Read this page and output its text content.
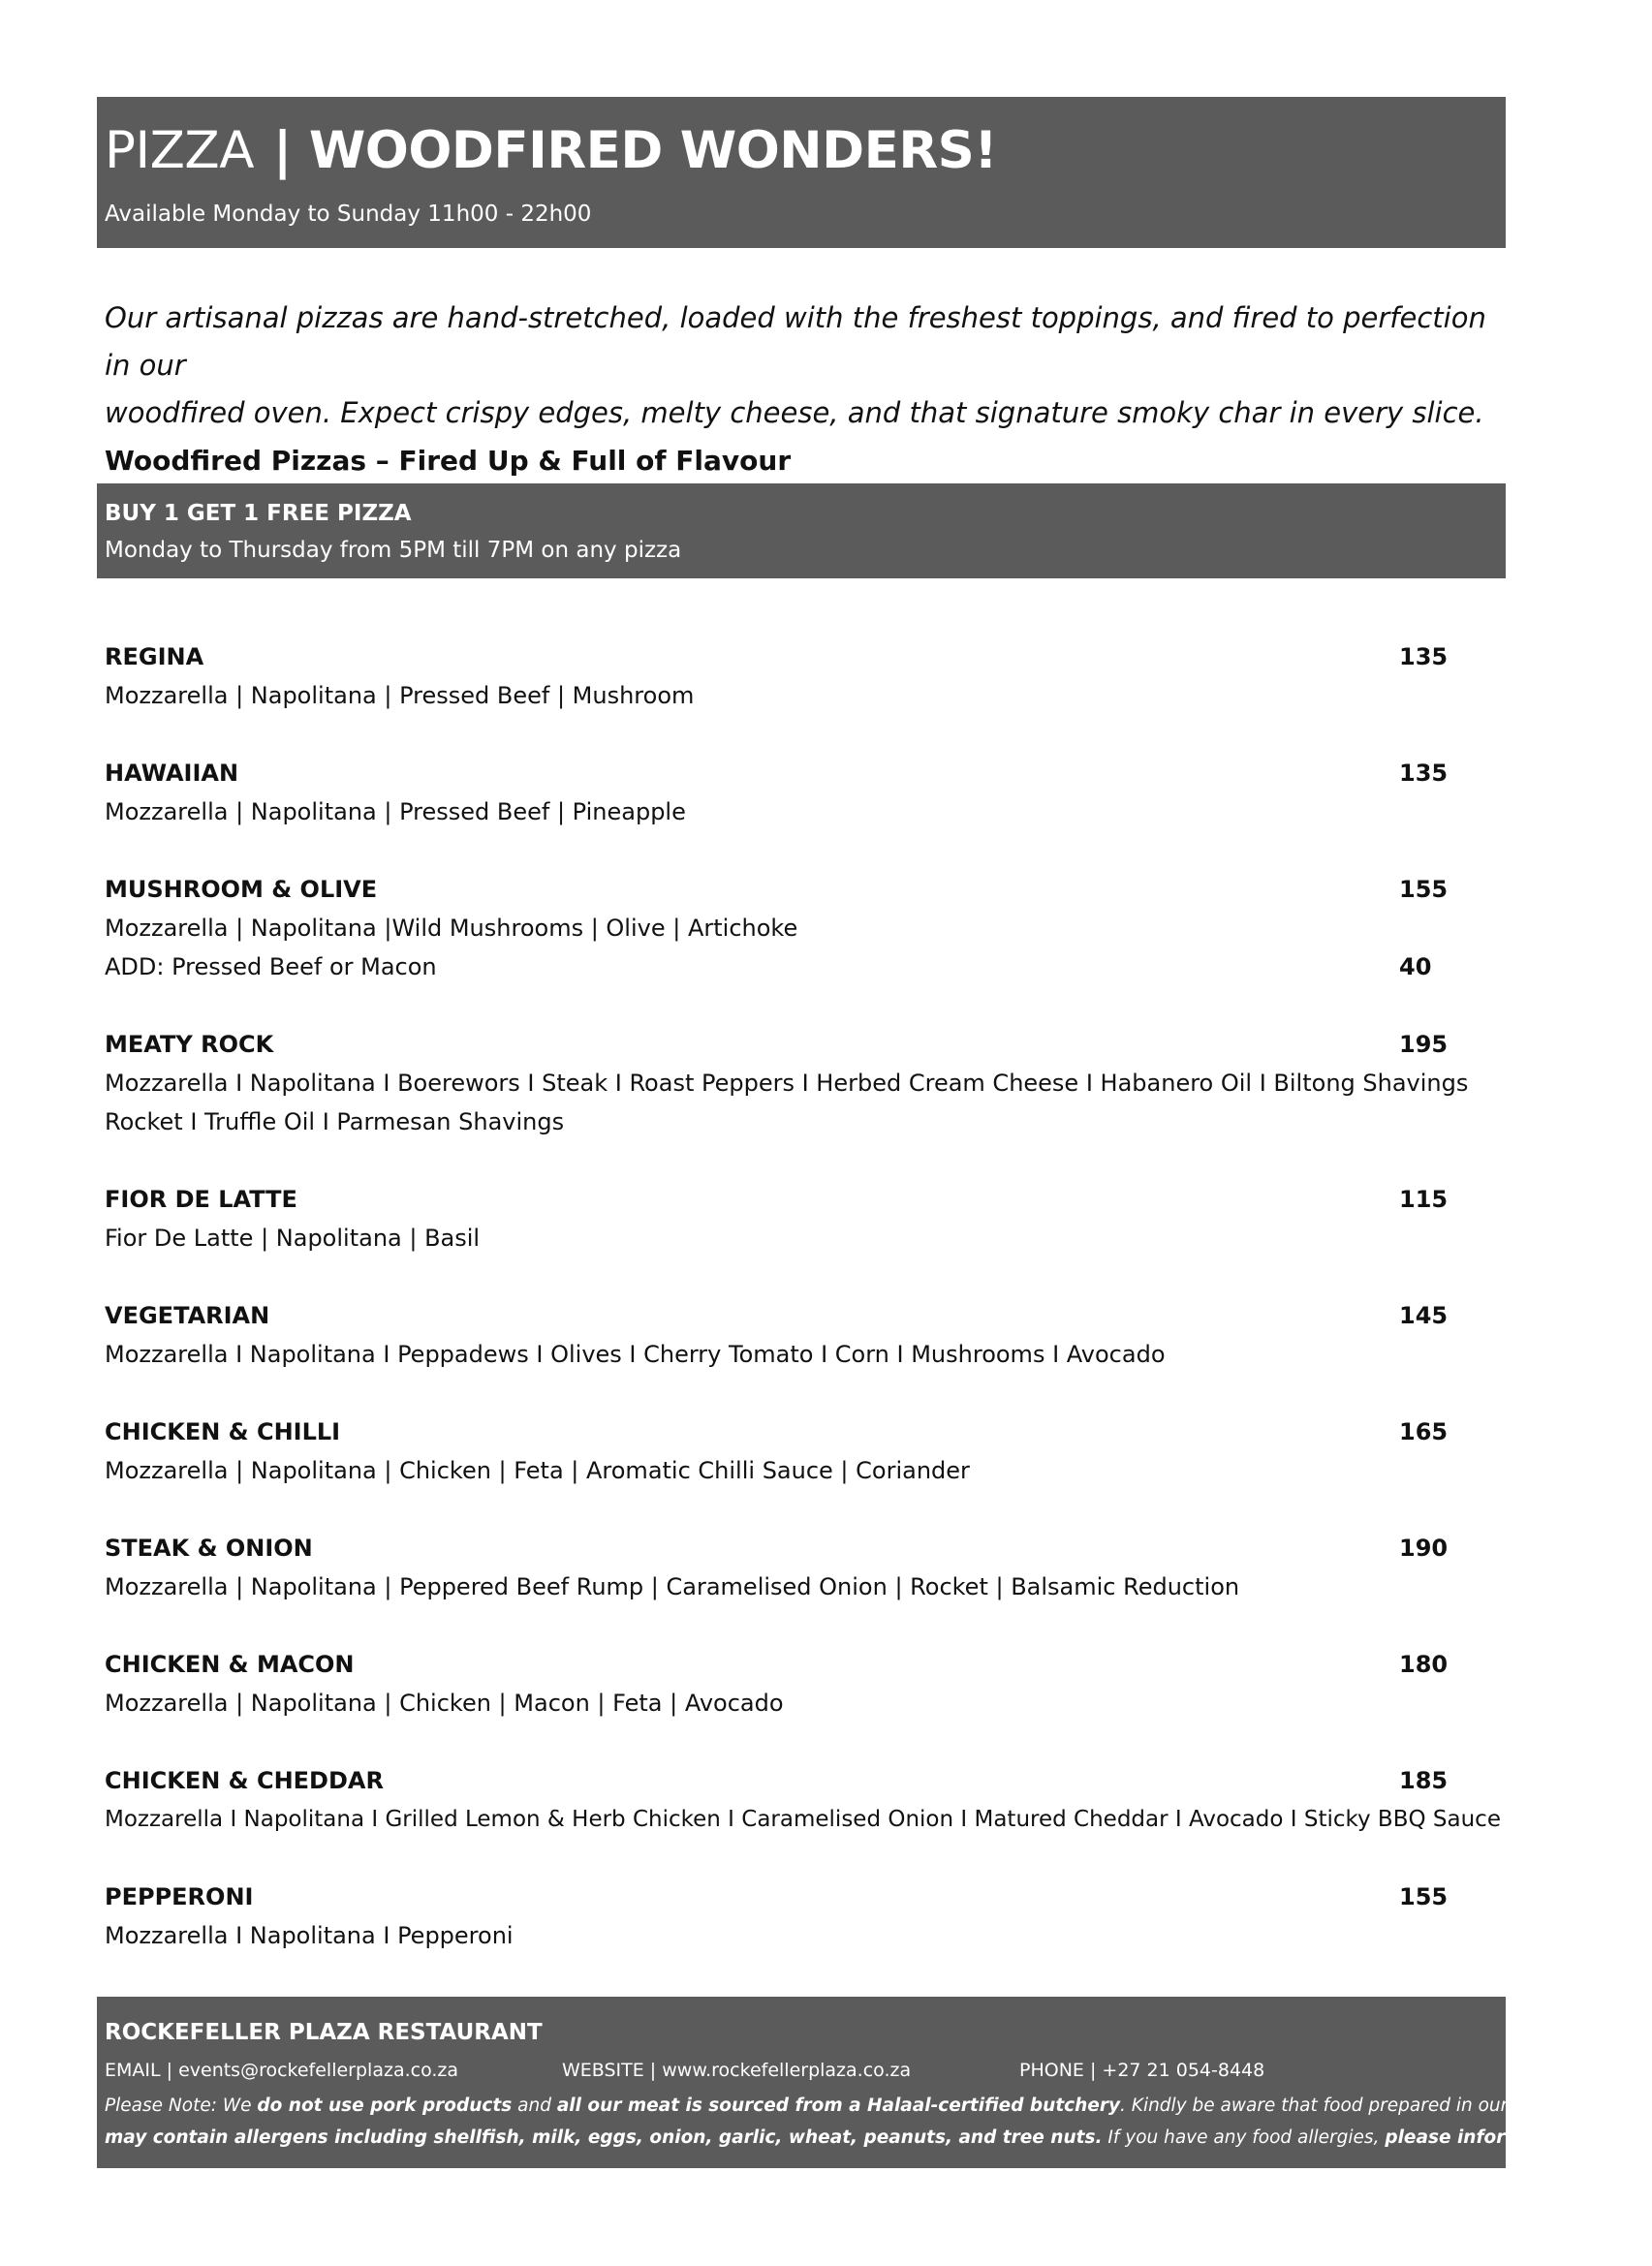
PIZZA | WOODFIRED WONDERS!
Available Monday to Sunday 11h00 - 22h00

Our artisanal pizzas are hand-stretched, loaded with the freshest toppings, and fired to perfection in our

woodfired oven. Expect crispy edges, melty cheese, and that signature smoky char in every slice.

Woodfired Pizzas – Fired Up & Full of Flavour

BUY 1 GET 1 FREE PIZZA
Monday to Thursday from 5PM till 7PM on any pizza
REGINA	135
Mozzarella | Napolitana | Pressed Beef | Mushroom
HAWAIIAN	135
Mozzarella | Napolitana | Pressed Beef | Pineapple
MUSHROOM & OLIVE	155
Mozzarella | Napolitana |Wild Mushrooms | Olive | Artichoke
ADD: Pressed Beef or Macon	40
MEATY ROCK	195
Mozzarella I Napolitana I Boerewors I Steak I Roast Peppers I Herbed Cream Cheese I Habanero Oil I Biltong Shavings
Rocket I Truffle Oil I Parmesan Shavings
FIOR DE LATTE	115
Fior De Latte | Napolitana | Basil
VEGETARIAN	145
Mozzarella I Napolitana I Peppadews I Olives I Cherry Tomato I Corn I Mushrooms I Avocado
CHICKEN & CHILLI	165
Mozzarella | Napolitana | Chicken | Feta | Aromatic Chilli Sauce | Coriander
STEAK & ONION	190
Mozzarella | Napolitana | Peppered Beef Rump | Caramelised Onion | Rocket | Balsamic Reduction
CHICKEN & MACON	180
Mozzarella | Napolitana | Chicken | Macon | Feta | Avocado
CHICKEN & CHEDDAR	185
Mozzarella I Napolitana I Grilled Lemon & Herb Chicken I Caramelised Onion I Matured Cheddar I Avocado I Sticky BBQ Sauce
PEPPERONI	155
Mozzarella I Napolitana I Pepperoni
ROCKEFELLER PLAZA RESTAURANT
EMAIL | events@rockefellerplaza.co.za	WEBSITE | www.rockefellerplaza.co.za	PHONE | +27 21 054-8448
Please Note: We do not use pork products and all our meat is sourced from a Halaal-certified butchery. Kindly be aware that food prepared in our kitchen
may contain allergens including shellfish, milk, eggs, onion, garlic, wheat, peanuts, and tree nuts. If you have any food allergies, please inform your waiter.
